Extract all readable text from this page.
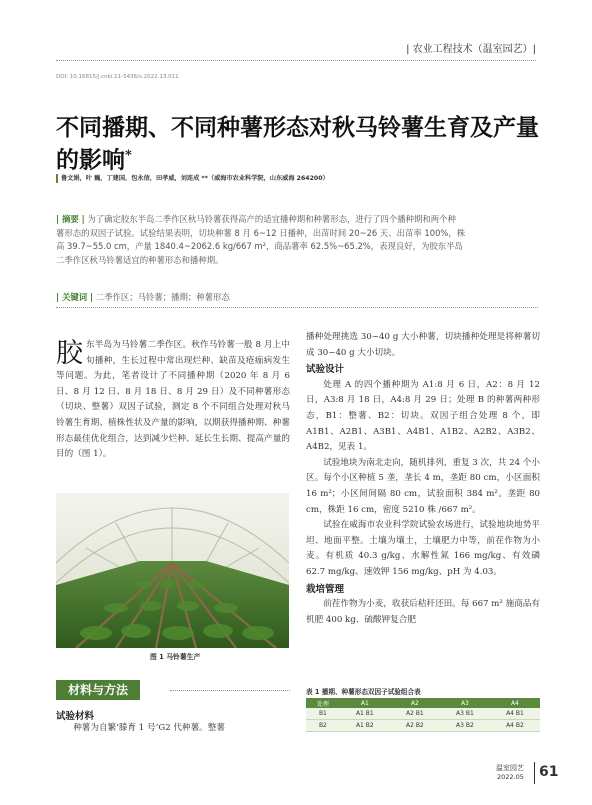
| 农业工程技术（温室园艺）|
DOI: 10.16815/j.cnki.11-5436/s.2022.13.011
不同播期、不同种薯形态对秋马铃薯生育及产量的影响*
鲁文娟，叶 巍，丁建国，包永信，田孝威，刘连成 **（威海市农业科学院，山东威海 264200）
| 摘要 | 为了确定胶东半岛二季作区秋马铃薯获得高产的适宜播种期和种薯形态，进行了四个播种期和两个种
薯形态的双因子试验。试验结果表明，切块种薯 8 月 6~12 日播种，出苗时间 20~26 天、出苗率 100%，株
高 39.7~55.0 cm，产量 1840.4~2062.6 kg/667 m²，商品薯率 62.5%~65.2%，表现良好，为胶东半岛
二季作区秋马铃薯适宜的种薯形态和播种期。
| 关键词 | 二季作区；马铃薯；播期；种薯形态
胶东半岛为马铃薯二季作区。秋作马铃薯一般 8 月上中旬播种，生长过程中常出现烂种、缺苗及疮痂病发生等问题。为此，笔者设计了不同播种期（2020 年 8 月 6 日、8 月 12 日、8 月 18 日、8 月 29 日）及不同种薯形态（切块、整薯）双因子试验，测定 8 个不同组合处理对秋马铃薯生育期、植株性状及产量的影响，以期获得播种期、种薯形态最佳优化组合，达到减少烂种、延长生长期、提高产量的目的（图 1）。
图 1 马铃薯生产
材料与方法
试验材料

种薯为自繁‘滕育 1 号’G2 代种薯。整薯

播种处理挑选 30~40 g 大小种薯，切块播种处理是将种薯切成 30~40 g 大小切块。
试验设计

处理 A 的四个播种期为 A1:8 月 6 日，A2：8 月 12 日，A3:8 月 18 日，A4:8 月 29 日；处理 B 的种薯两种形态，B1：整薯、B2：切块。双因子组合处理 8 个，即 A1B1、A2B1、A3B1、A4B1、A1B2、A2B2、A3B2、A4B2，见表 1。

试验地块为南北走向，随机排列，重复 3 次，共 24 个小区。每个小区种植 5 垄，垄长 4 m，垄距 80 cm，小区面积 16 m²；小区间间隔 80 cm，试验面积 384 m²。垄距 80 cm，株距 16 cm，密度 5210 株 /667 m²。

试验在威海市农业科学院试验农场进行，试验地块地势平坦、地面平整。土壤为壤土，土壤肥力中等，前茬作物为小麦。有机质 40.3 g/kg、水解性氮 166 mg/kg、有效磷 62.7 mg/kg、速效钾 156 mg/kg、pH 为 4.03。

栽培管理

前茬作物为小麦，收获后秸秆还田。每 667 m² 施商品有机肥 400 kg、硫酸钾复合肥

表 1 播期、种薯形态双因子试验组合表
处理	A1	A2	A3	A4
B1	A1 B1	A2 B1	A3 B1	A4 B1
B2	A1 B2	A2 B2	A3 B2	A4 B2
温室园艺
2022.05 61
